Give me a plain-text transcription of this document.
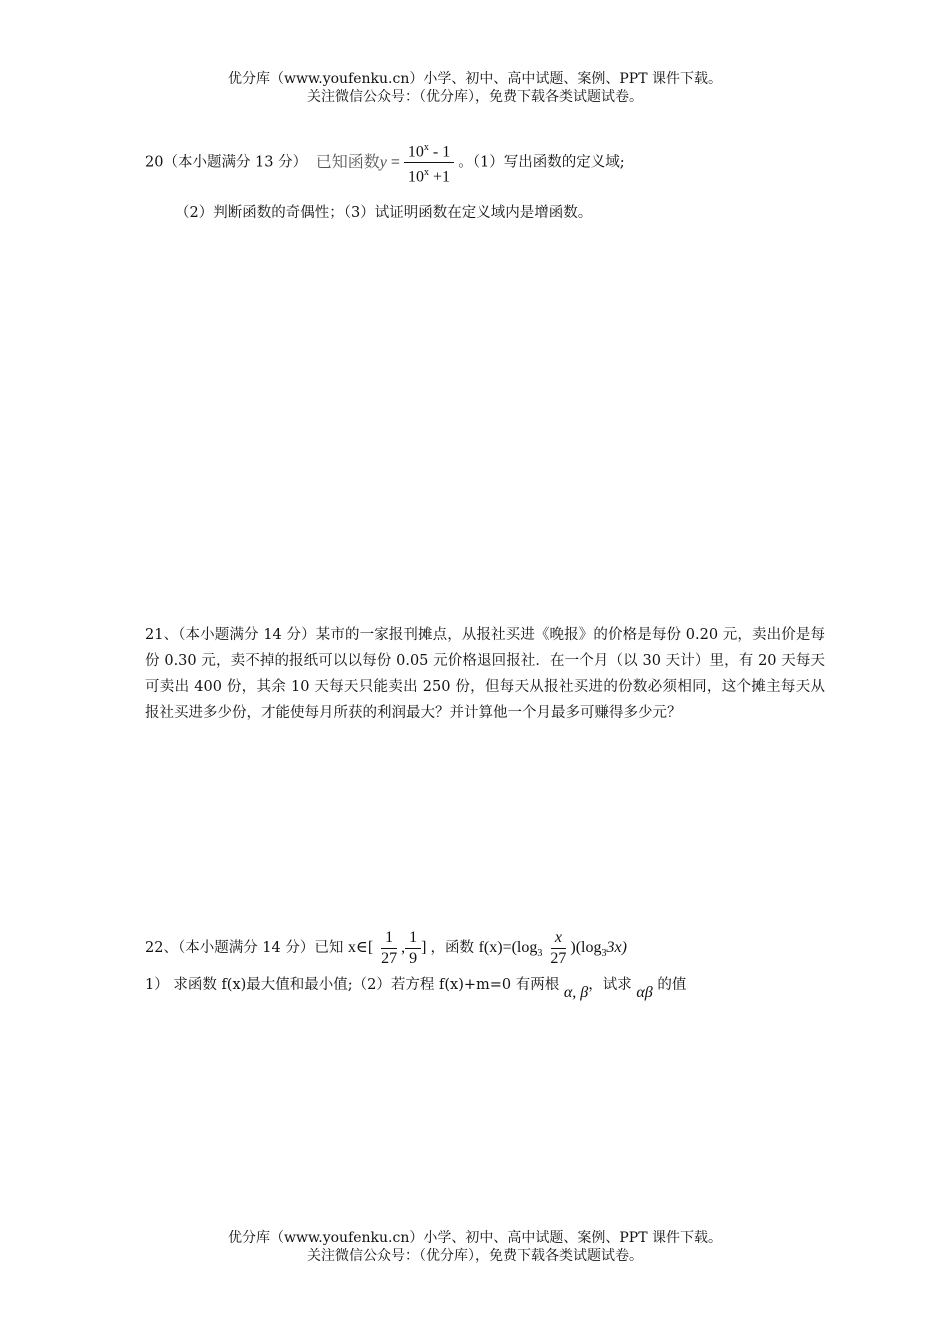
优分库（www.youfenku.cn）小学、初中、高中试题、案例、PPT 课件下载。
关注微信公众号：（优分库），免费下载各类试题试卷。
20（本小题满分 13 分） 已知函数$y = \frac{10^x - 1}{10^x +1}$ 。（1）写出函数的定义域;
（2）判断函数的奇偶性；（3）试证明函数在定义域内是增函数。
21、（本小题满分 14 分）某市的一家报刊摊点，从报社买进《晚报》的价格是每份 0.20 元，卖出价是每份 0.30 元，卖不掉的报纸可以以每份 0.05 元价格退回报社．在一个月（以 30 天计）里，有 20 天每天可卖出 400 份，其余 10 天每天只能卖出 250 份，但每天从报社买进的份数必须相同，这个摊主每天从报社买进多少份，才能使每月所获的利润最大？并计算他一个月最多可赚得多少元？
22、（本小题满分 14 分）已知 x∈[ $\frac{1}{27}$ , $\frac{1}{9}$ ] ，函数 $f(x)=(\log_3 \frac{x}{27} )(\log_33x)$
1） 求函数 f(x)最大值和最小值;（2）若方程 f(x)+m=0 有两根 α, β，试求 αβ 的值
优分库（www.youfenku.cn）小学、初中、高中试题、案例、PPT 课件下载。
关注微信公众号：（优分库），免费下载各类试题试卷。
